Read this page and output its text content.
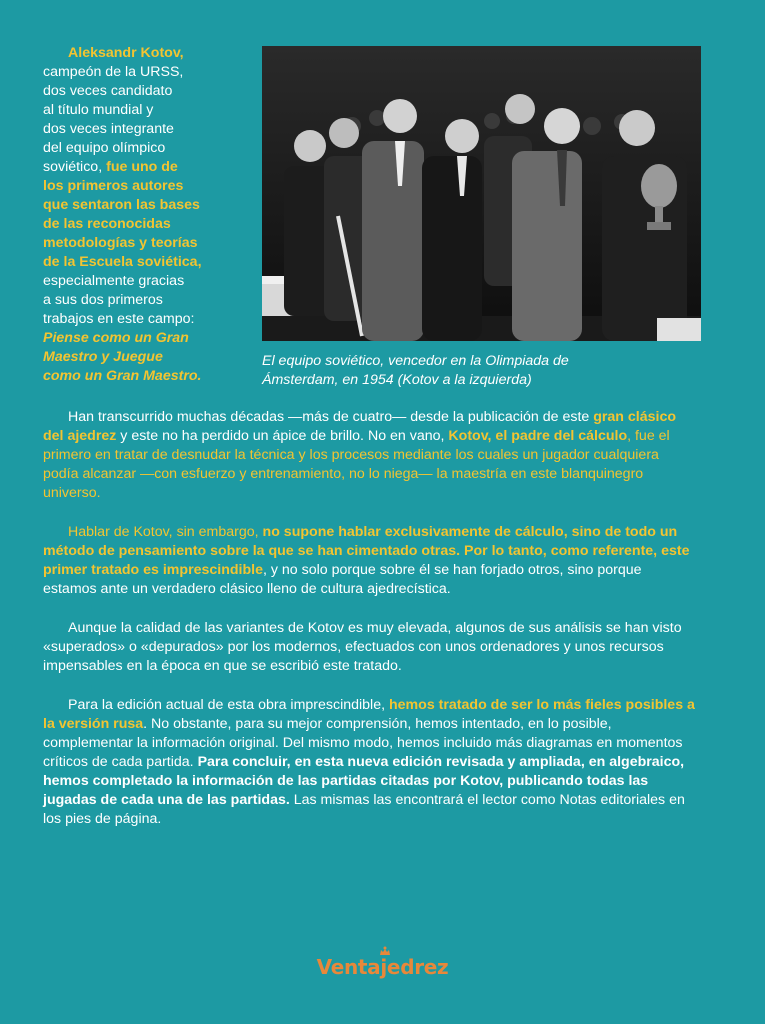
Aleksandr Kotov,
campeón de la URSS,
dos veces candidato
al título mundial y
dos veces integrante
del equipo olímpico
soviético, fue uno de
los primeros autores
que sentaron las bases
de las reconocidas
metodologías y teorías
de la Escuela soviética,
especialmente gracias
a sus dos primeros
trabajos en este campo:
Piense como un Gran
Maestro y Juegue
como un Gran Maestro.
El equipo soviético, vencedor en la Olimpiada de
Ámsterdam, en 1954 (Kotov a la izquierda)

Han transcurrido muchas décadas —más de cuatro— desde la publicación de este gran clásico del ajedrez y este no ha perdido un ápice de brillo. No en vano, Kotov, el padre del cálculo, fue el primero en tratar de desnudar la técnica y los procesos mediante los cuales un jugador cualquiera podía alcanzar —con esfuerzo y entrenamiento, no lo niega— la maestría en este blanquinegro universo.

Hablar de Kotov, sin embargo, no supone hablar exclusivamente de cálculo, sino de todo un método de pensamiento sobre la que se han cimentado otras. Por lo tanto, como referente, este primer tratado es imprescindible, y no solo porque sobre él se han forjado otros, sino porque estamos ante un verdadero clásico lleno de cultura ajedrecística.

Aunque la calidad de las variantes de Kotov es muy elevada, algunos de sus análisis se han visto «superados» o «depurados» por los modernos, efectuados con unos ordenadores y unos recursos impensables en la época en que se escribió este tratado.

Para la edición actual de esta obra imprescindible, hemos tratado de ser lo más fieles posibles a la versión rusa. No obstante, para su mejor comprensión, hemos intentado, en lo posible, complementar la información original. Del mismo modo, hemos incluido más diagramas en momentos críticos de cada partida. Para concluir, en esta nueva edición revisada y ampliada, en algebraico, hemos completado la información de las partidas citadas por Kotov, publicando todas las jugadas de cada una de las partidas. Las mismas las encontrará el lector como Notas editoriales en los pies de página.

Ventajedrez
